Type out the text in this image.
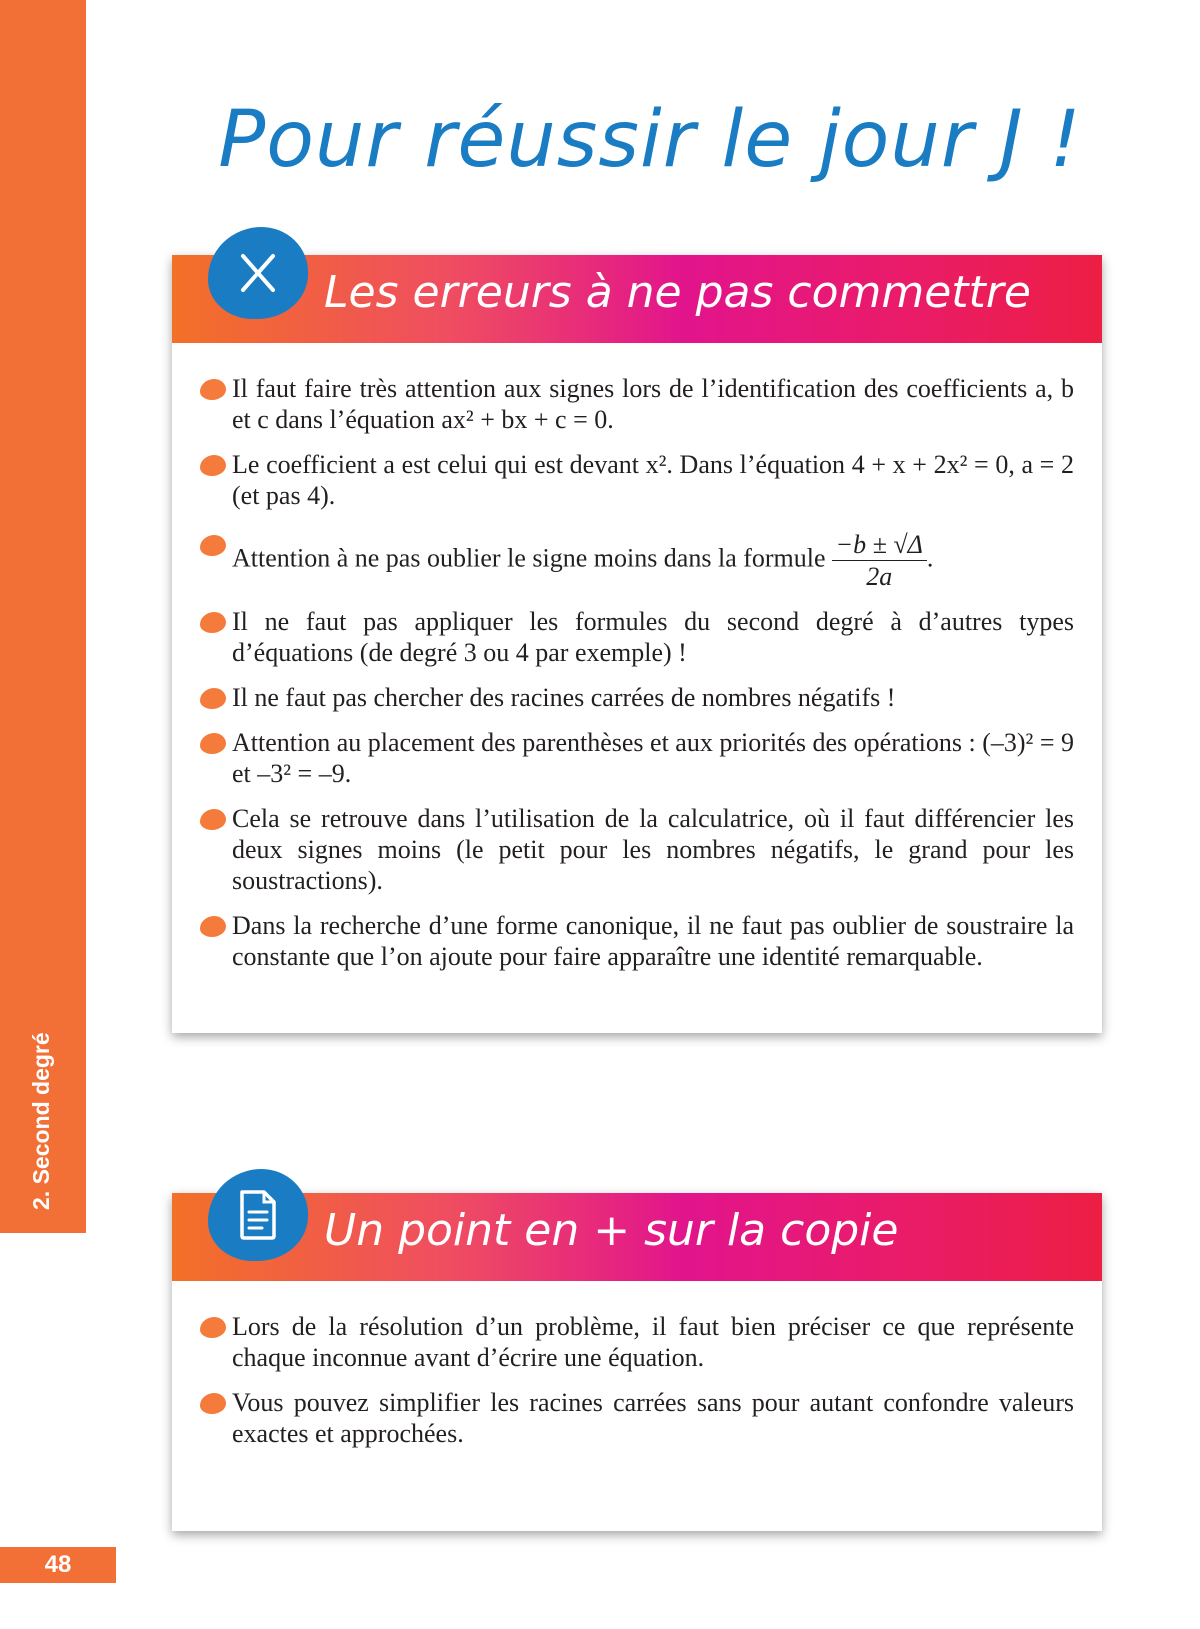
2. Second degré
48
Pour réussir le jour J !
Les erreurs à ne pas commettre
Il faut faire très attention aux signes lors de l’identification des coefficients a, b et c dans l’équation ax² + bx + c = 0.
Le coefficient a est celui qui est devant x². Dans l’équation 4 + x + 2x² = 0, a = 2 (et pas 4).
Attention à ne pas oublier le signe moins dans la formule $\frac{-b \pm √\Delta}{2a}$ .
Il ne faut pas appliquer les formules du second degré à d’autres types d’équations (de degré 3 ou 4 par exemple) !
Il ne faut pas chercher des racines carrées de nombres négatifs !
Attention au placement des parenthèses et aux priorités des opérations : (–3)² = 9 et –3² = –9.
Cela se retrouve dans l’utilisation de la calculatrice, où il faut différencier les deux signes moins (le petit pour les nombres négatifs, le grand pour les soustractions).
Dans la recherche d’une forme canonique, il ne faut pas oublier de soustraire la constante que l’on ajoute pour faire apparaître une identité remarquable.
Un point en + sur la copie
Lors de la résolution d’un problème, il faut bien préciser ce que représente chaque inconnue avant d’écrire une équation.
Vous pouvez simplifier les racines carrées sans pour autant confondre valeurs exactes et approchées.
